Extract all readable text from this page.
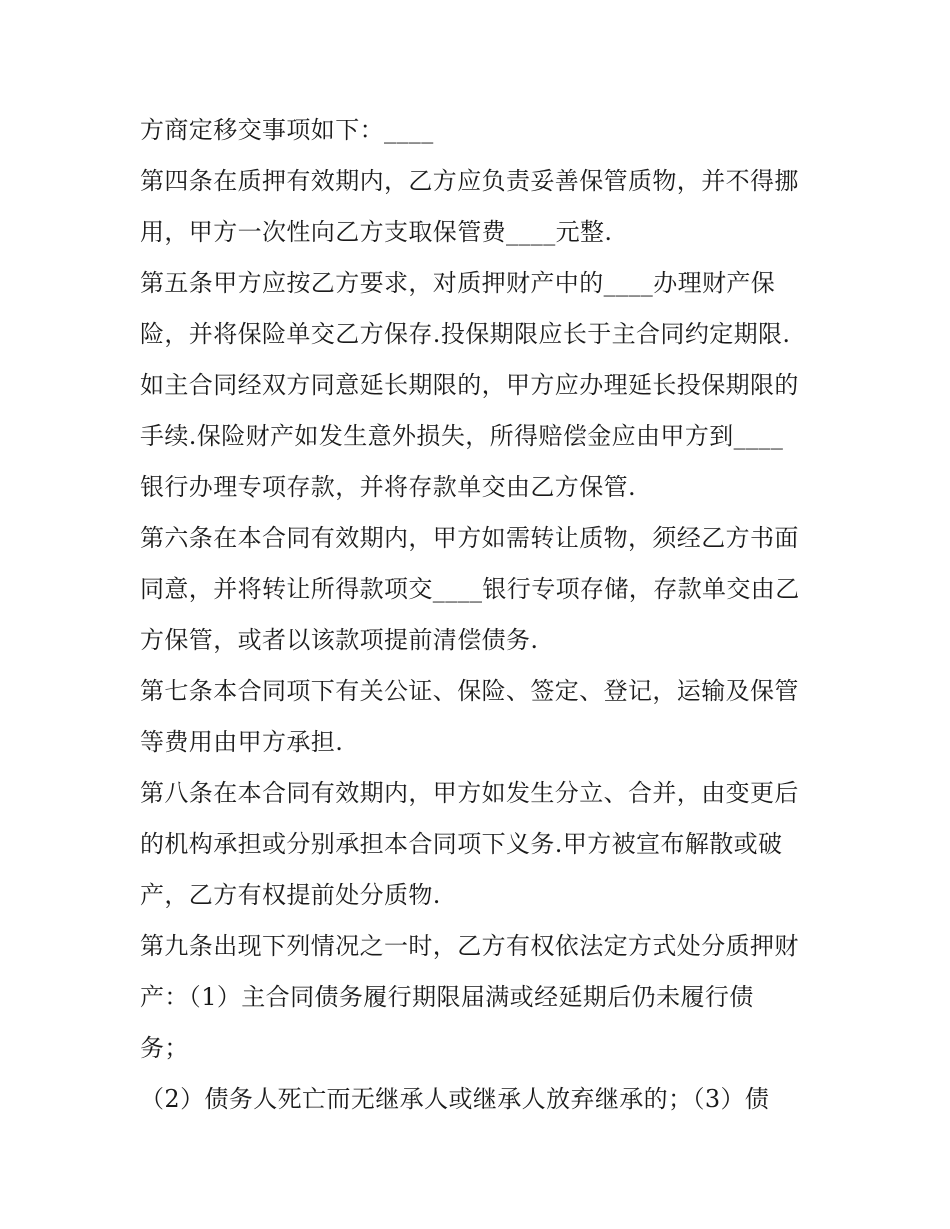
方商定移交事项如下：____
第四条在质押有效期内，乙方应负责妥善保管质物，并不得挪
用，甲方一次性向乙方支取保管费____元整.
第五条甲方应按乙方要求，对质押财产中的____办理财产保
险，并将保险单交乙方保存.投保期限应长于主合同约定期限.
如主合同经双方同意延长期限的，甲方应办理延长投保期限的
手续.保险财产如发生意外损失，所得赔偿金应由甲方到____
银行办理专项存款，并将存款单交由乙方保管.
第六条在本合同有效期内，甲方如需转让质物，须经乙方书面
同意，并将转让所得款项交____银行专项存储，存款单交由乙
方保管，或者以该款项提前清偿债务.
第七条本合同项下有关公证、保险、签定、登记，运输及保管
等费用由甲方承担.
第八条在本合同有效期内，甲方如发生分立、合并，由变更后
的机构承担或分别承担本合同项下义务.甲方被宣布解散或破
产，乙方有权提前处分质物.
第九条出现下列情况之一时，乙方有权依法定方式处分质押财
产：（1）主合同债务履行期限届满或经延期后仍未履行债
务；
（2）债务人死亡而无继承人或继承人放弃继承的；（3）债
